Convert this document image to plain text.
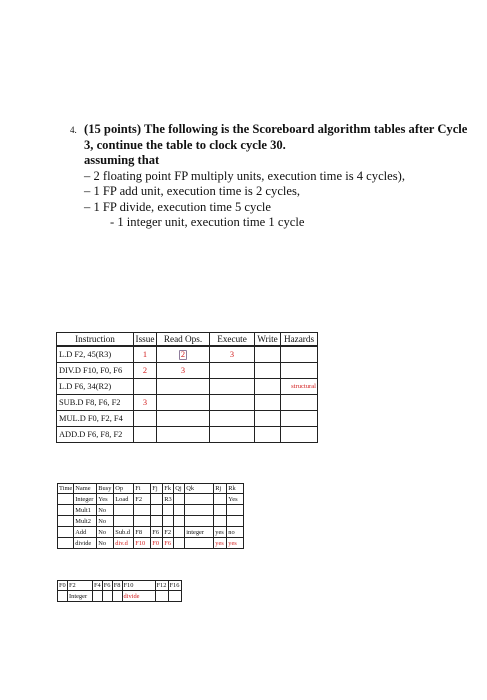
4. (15 points) The following is the Scoreboard algorithm tables after Cycle 3, continue the table to clock cycle 30.
assuming that
– 2 floating point FP multiply units, execution time is 4 cycles),
– 1 FP add unit, execution time is 2 cycles,
– 1 FP divide, execution time 5 cycle
- 1 integer unit, execution time 1 cycle
Instruction	Issue	Read Ops.	Execute	Write	Hazards
L.D F2, 45(R3)	1	2	3		
DIV.D F10, F0, F6	2	3			
L.D F6, 34(R2)					structural
SUB.D F8, F6, F2	3				
MUL.D F0, F2, F4					
ADD.D F6, F8, F2					
Time	Name	Busy	Op	Fi	Fj	Fk	Qj	Qk	Rj	Rk
	Integer	Yes	Load	F2		R3				Yes
	Mult1	No								
	Mult2	No								
	Add	No	Sub.d	F8	F6	F2		integer	yes	no
	divide	No	div.d	F10	F0	F6			yes	yes
F0	F2	F4	F6	F8	F10	F12	F16
	Integer				divide		
